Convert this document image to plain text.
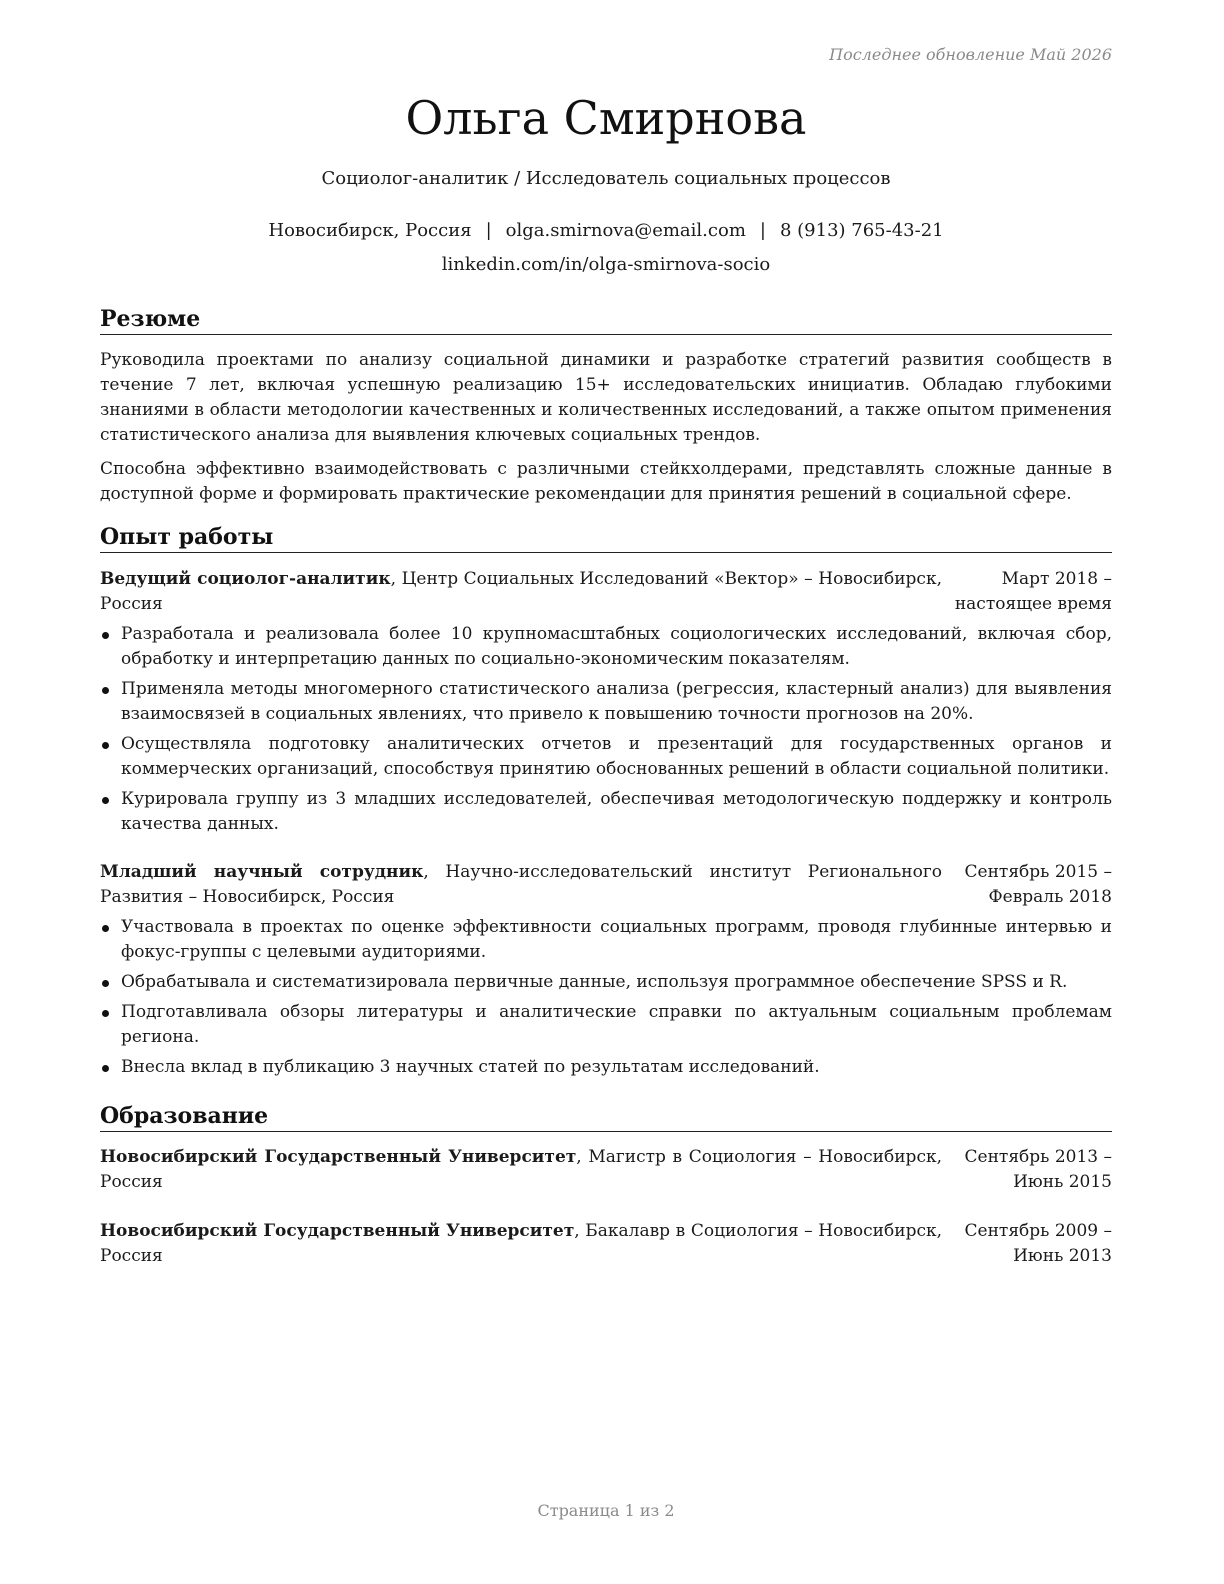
Последнее обновление Май 2026
Ольга Смирнова
Социолог-аналитик / Исследователь социальных процессов
Новосибирск, Россия | olga.smirnova@email.com | 8 (913) 765-43-21
linkedin.com/in/olga-smirnova-socio
Резюме

Руководила проектами по анализу социальной динамики и разработке стратегий развития сообществ в течение 7 лет, включая успешную реализацию 15+ исследовательских инициатив. Обладаю глубокими знаниями в области методологии качественных и количественных исследований, а также опытом применения статистического анализа для выявления ключевых социальных трендов.

Способна эффективно взаимодействовать с различными стейкхолдерами, представлять сложные данные в доступной форме и формировать практические рекомендации для принятия решений в социальной сфере.

Опыт работы
Ведущий социолог-аналитик, Центр Социальных Исследований «Вектор» – Новосибирск, Россия
Март 2018 – настоящее время
Разработала и реализовала более 10 крупномасштабных социологических исследований, включая сбор, обработку и интерпретацию данных по социально-экономическим показателям.
Применяла методы многомерного статистического анализа (регрессия, кластерный анализ) для выявления взаимосвязей в социальных явлениях, что привело к повышению точности прогнозов на 20%.
Осуществляла подготовку аналитических отчетов и презентаций для государственных органов и коммерческих организаций, способствуя принятию обоснованных решений в области социальной политики.
Курировала группу из 3 младших исследователей, обеспечивая методологическую поддержку и контроль качества данных.
Младший научный сотрудник, Научно-исследовательский институт Регионального Развития – Новосибирск, Россия
Сентябрь 2015 – Февраль 2018
Участвовала в проектах по оценке эффективности социальных программ, проводя глубинные интервью и фокус-группы с целевыми аудиториями.
Обрабатывала и систематизировала первичные данные, используя программное обеспечение SPSS и R.
Подготавливала обзоры литературы и аналитические справки по актуальным социальным проблемам региона.
Внесла вклад в публикацию 3 научных статей по результатам исследований.
Образование
Новосибирский Государственный Университет, Магистр в Социология – Новосибирск, Россия
Сентябрь 2013 – Июнь 2015
Новосибирский Государственный Университет, Бакалавр в Социология – Новосибирск, Россия
Сентябрь 2009 – Июнь 2013
Страница 1 из 2
